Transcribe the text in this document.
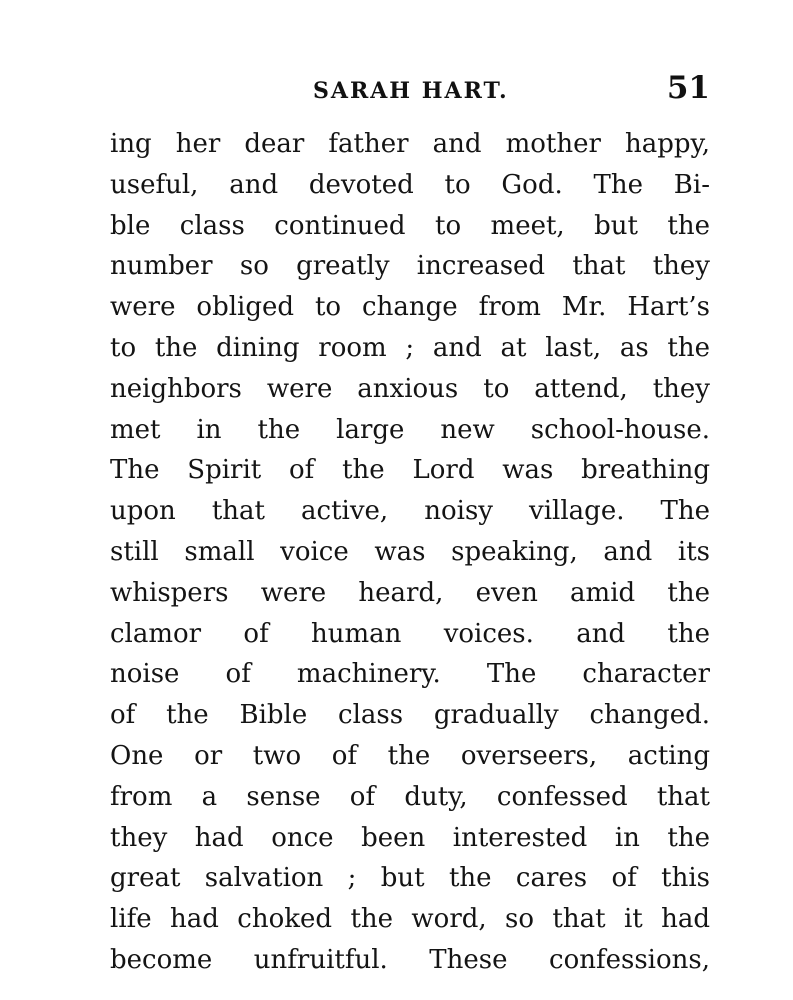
SARAH HART.	51
ing her dear father and mother happy,
useful, and devoted to God. The Bi-
ble class continued to meet, but the
number so greatly increased that they
were obliged to change from Mr. Hart’s
to the dining room ; and at last, as the
neighbors were anxious to attend, they
met in the large new school-house.
The Spirit of the Lord was breathing
upon that active, noisy village. The
still small voice was speaking, and its
whispers were heard, even amid the
clamor of human voices. and the
noise of machinery. The character
of the Bible class gradually changed.
One or two of the overseers, acting
from a sense of duty, confessed that
they had once been interested in the
great salvation ; but the cares of this
life had choked the word, so that it had
become unfruitful. These confessions,
